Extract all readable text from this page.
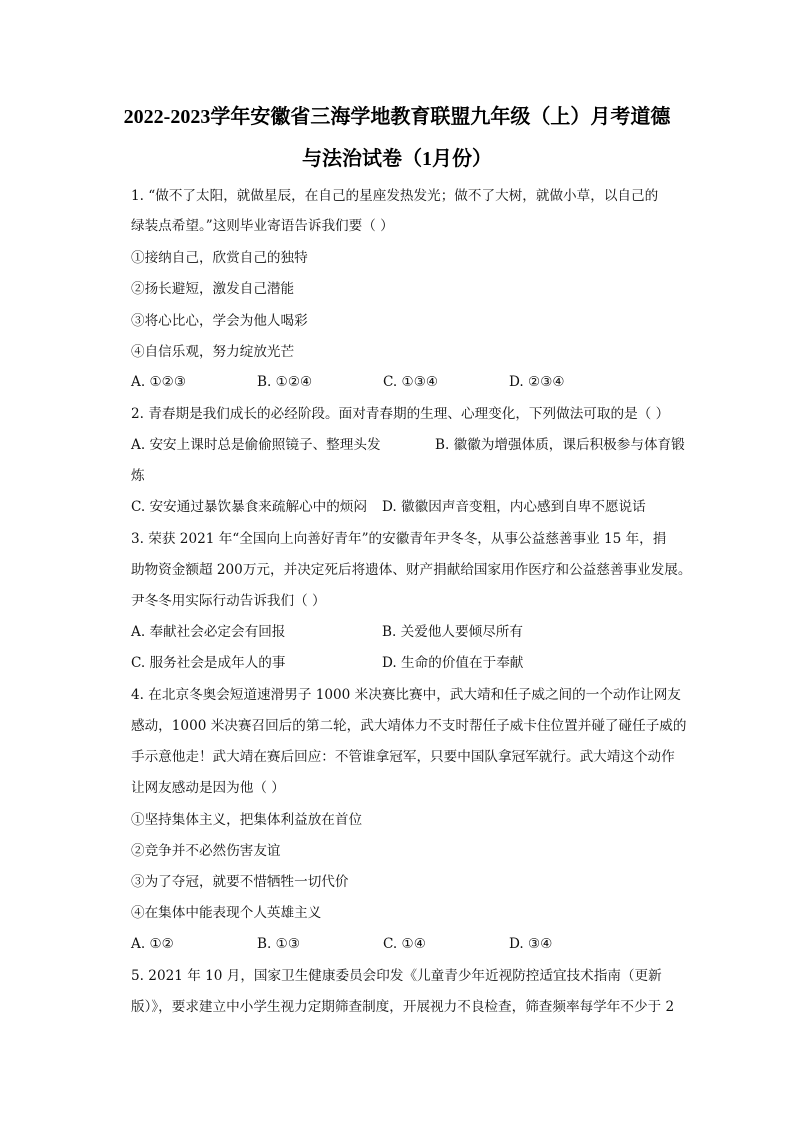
2022-2023学年安徽省三海学地教育联盟九年级（上）月考道德
与法治试卷（1月份）
1. “做不了太阳，就做星辰，在自己的星座发热发光；做不了大树，就做小草，以自己的
绿装点希望。”这则毕业寄语告诉我们要（ ）
①接纳自己，欣赏自己的独特
②扬长避短，激发自己潜能
③将心比心，学会为他人喝彩
④自信乐观，努力绽放光芒
A. ①②③	B. ①②④	C. ①③④	D. ②③④
2. 青春期是我们成长的必经阶段。面对青春期的生理、心理变化，下列做法可取的是（ ）
A. 安安上课时总是偷偷照镜子、整理头发	B. 徽徽为增强体质，课后积极参与体育锻
炼
C. 安安通过暴饮暴食来疏解心中的烦闷 D. 徽徽因声音变粗，内心感到自卑不愿说话
3. 荣获 2021 年“全国向上向善好青年”的安徽青年尹冬冬，从事公益慈善事业 15 年，捐
助物资金额超 200万元，并决定死后将遗体、财产捐献给国家用作医疗和公益慈善事业发展。
尹冬冬用实际行动告诉我们（ ）
A. 奉献社会必定会有回报	B. 关爱他人要倾尽所有
C. 服务社会是成年人的事	D. 生命的价值在于奉献
4. 在北京冬奥会短道速滑男子 1000 米决赛比赛中，武大靖和任子威之间的一个动作让网友
感动，1000 米决赛召回后的第二轮，武大靖体力不支时帮任子威卡住位置并碰了碰任子威的
手示意他走！武大靖在赛后回应：不管谁拿冠军，只要中国队拿冠军就行。武大靖这个动作
让网友感动是因为他（ ）
①坚持集体主义，把集体利益放在首位
②竞争并不必然伤害友谊
③为了夺冠，就要不惜牺牲一切代价
④在集体中能表现个人英雄主义
A. ①②	B. ①③	C. ①④	D. ③④
5. 2021 年 10 月，国家卫生健康委员会印发《儿童青少年近视防控适宜技术指南（更新
版）》，要求建立中小学生视力定期筛查制度，开展视力不良检查，筛查频率每学年不少于 2
